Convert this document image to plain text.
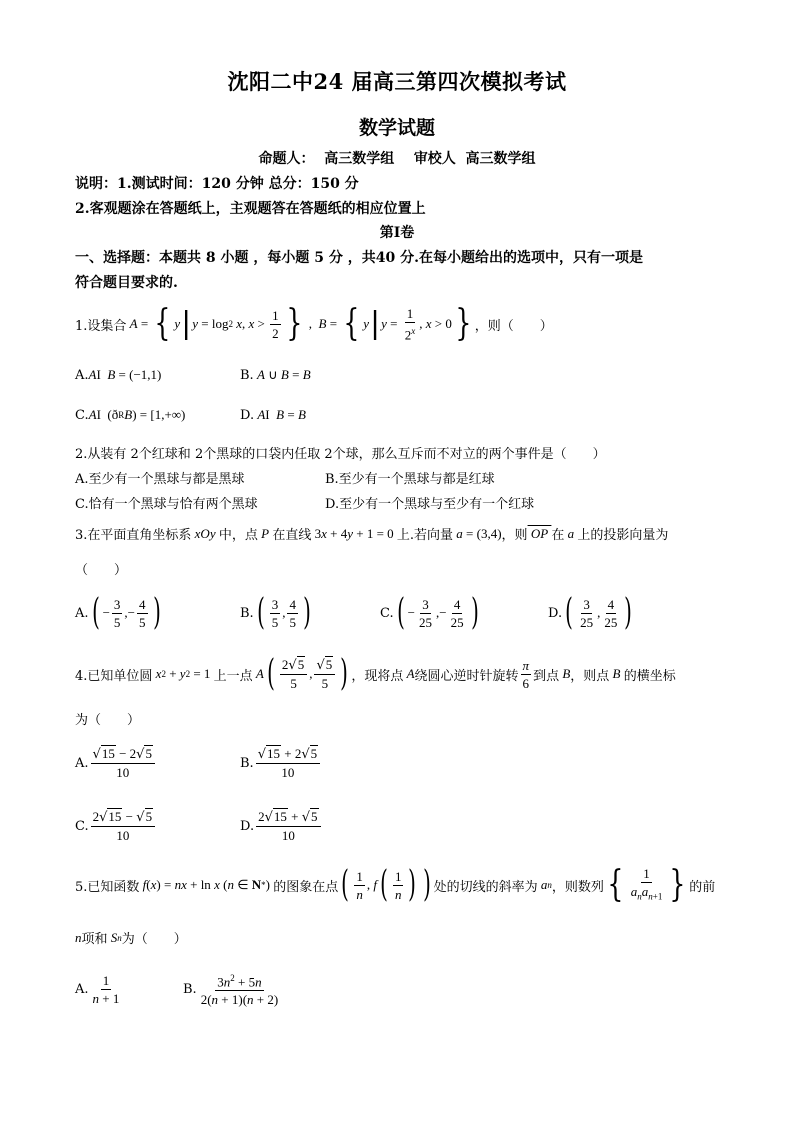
沈阳二中24 届高三第四次模拟考试
数学试题
命题人：  高三数学组    审校人  高三数学组
说明：1.测试时间：120 分钟 总分：150 分
2.客观题涂在答题纸上，主观题答在答题纸的相应位置上
第Ⅰ卷
一、选择题：本题共 8 小题 ，每小题 5 分 ，共40 分.在每小题给出的选项中，只有一项是
符合题目要求的.
1.设集合 A = { y | y = log 2 x , $x > \frac{1}{2}$ } , B = { y | $y = \frac{1}{2^x}$ , x > 0 } ，则（　　）
A. A I B = (−1,1)	B. A ∪ B = B
C. A I  (ð R B ) = [1,+∞)	D. A I B = B
2.从装有 2个红球和 2个黑球的口袋内任取 2个球，那么互斥而不对立的两个事件是（　　）
A.至少有一个黑球与都是黑球	B.至少有一个黑球与都是红球
C.恰有一个黑球与恰有两个黑球	D.至少有一个黑球与至少有一个红球
3.在平面直角坐标系 xOy 中，点 P 在直线 3 x + 4 y + 1 = 0 上.若向量 a = (3,4) ，则 OP 在 a 上的投影向量为
（　　）
A. ( − $\frac{3}{5}$ ,− $\frac{4}{5}$ )	B. ( $\frac{3}{5}$ , $\frac{4}{5}$ )	C. ( − $\frac{3}{25}$ ,− $\frac{4}{25}$ )	D. ( $\frac{3}{25}$ , $\frac{4}{25}$ )
4.已知单位圆 x 2 + y 2 = 1 上一点 A ( $\frac{2√5}{5}$ , $\frac{√5}{5}$ ) ，现将点 A 绕圆心逆时针旋转 $\frac{\pi}{6}$ 到点 B ，则点 B 的横坐标
为（　　）
A. $\frac{√15 - 2√5}{10}$	B. $\frac{√15 + 2√5}{10}$
C. $\frac{2√15 - √5}{10}$	D. $\frac{2√15 + √5}{10}$
5.已知函数 f ( x ) = nx + ln x ( n ∈ N * ) 的图象在点 ( $\frac{1}{n}$ , f ( $\frac{1}{n}$ ) ) 处的切线的斜率为 a n ，则数列 { $\frac{1}{a_na_{n+1}}$ } 的前
n 项和 S n 为（　　）
A. $\frac{1}{n + 1}$	B. $\frac{3n^2 + 5n}{2(n + 1)(n + 2)}$
